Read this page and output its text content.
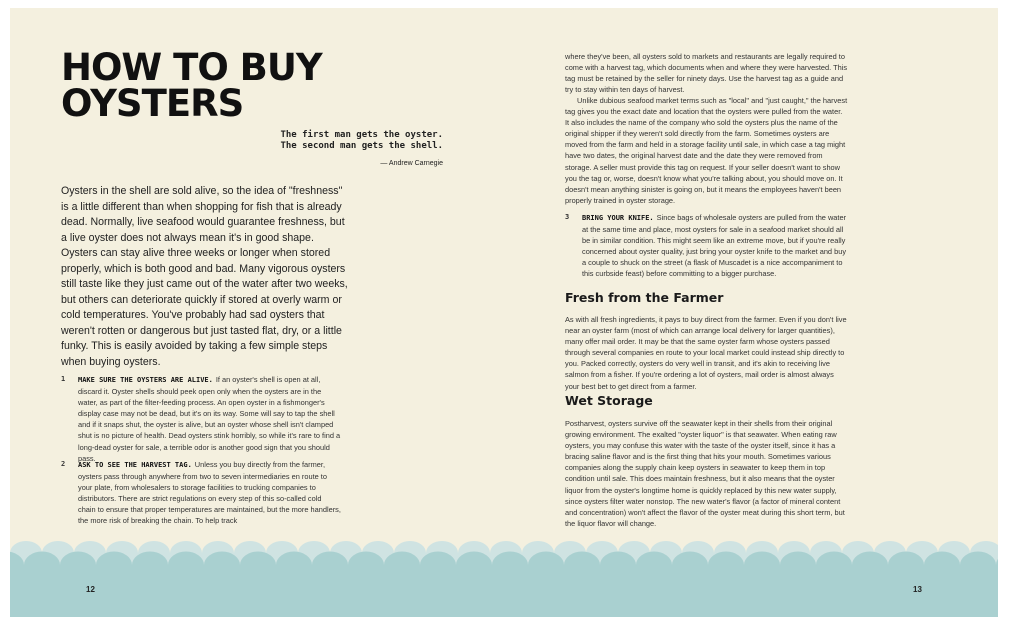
HOW TO BUY OYSTERS
The first man gets the oyster.
The second man gets the shell.
— Andrew Carnegie

Oysters in the shell are sold alive, so the idea of "freshness" is a little different than when shopping for fish that is already dead. Normally, live seafood would guarantee freshness, but a live oyster does not always mean it's in good shape. Oysters can stay alive three weeks or longer when stored properly, which is both good and bad. Many vigorous oysters still taste like they just came out of the water after two weeks, but others can deteriorate quickly if stored at overly warm or cold temperatures. You've probably had sad oysters that weren't rotten or dangerous but just tasted flat, dry, or a little funky. This is easily avoided by taking a few simple steps when buying oysters.

1 MAKE SURE THE OYSTERS ARE ALIVE. If an oyster's shell is open at all, discard it. Oyster shells should peek open only when the oysters are in the water, as part of the filter-feeding process. An open oyster in a fishmonger's display case may not be dead, but it's on its way. Some will say to tap the shell and if it snaps shut, the oyster is alive, but an oyster whose shell isn't clamped shut is no picture of health. Dead oysters stink horribly, so while it's rare to find a long-dead oyster for sale, a terrible odor is another good sign that you should pass.

2 ASK TO SEE THE HARVEST TAG. Unless you buy directly from the farmer, oysters pass through anywhere from two to seven intermediaries en route to your plate, from wholesalers to storage facilities to trucking companies to distributors. There are strict regulations on every step of this so-called cold chain to ensure that proper temperatures are maintained, but the more handlers, the more risk of breaking the chain. To help track

where they've been, all oysters sold to markets and restaurants are legally required to come with a harvest tag, which documents when and where they were harvested. This tag must be retained by the seller for ninety days. Use the harvest tag as a guide and try to stay within ten days of harvest.

Unlike dubious seafood market terms such as "local" and "just caught," the harvest tag gives you the exact date and location that the oysters were pulled from the water. It also includes the name of the company who sold the oysters plus the name of the original shipper if they weren't sold directly from the farm. Sometimes oysters are moved from the farm and held in a storage facility until sale, in which case a tag might have two dates, the original harvest date and the date they were removed from storage. A seller must provide this tag on request. If your seller doesn't want to show you the tag or, worse, doesn't know what you're talking about, you should move on. It doesn't mean anything sinister is going on, but it means the employees haven't been properly trained in oyster storage.

3 BRING YOUR KNIFE. Since bags of wholesale oysters are pulled from the water at the same time and place, most oysters for sale in a seafood market should all be in similar condition. This might seem like an extreme move, but if you're really concerned about oyster quality, just bring your oyster knife to the market and buy a couple to shuck on the street (a flask of Muscadet is a nice accompaniment to this curbside feast) before committing to a bigger purchase.

Fresh from the Farmer

As with all fresh ingredients, it pays to buy direct from the farmer. Even if you don't live near an oyster farm (most of which can arrange local delivery for larger quantities), many offer mail order. It may be that the same oyster farm whose oysters passed through several companies en route to your local market could instead ship directly to you. Packed correctly, oysters do very well in transit, and it's akin to receiving live salmon from a fisher. If you're ordering a lot of oysters, mail order is almost always your best bet to get direct from a farmer.

Wet Storage

Postharvest, oysters survive off the seawater kept in their shells from their original growing environment. The exalted "oyster liquor" is that seawater. When eating raw oysters, you may confuse this water with the taste of the oyster itself, since it has a bracing saline flavor and is the first thing that hits your mouth. Sometimes various companies along the supply chain keep oysters in seawater to keep them in top condition until sale. This does maintain freshness, but it also means that the oyster liquor from the oyster's longtime home is quickly replaced by this new water supply, since oysters filter water nonstop. The new water's flavor (a factor of mineral content and concentration) won't affect the flavor of the oyster meat during this short term, but the liquor flavor will change.

12	13
